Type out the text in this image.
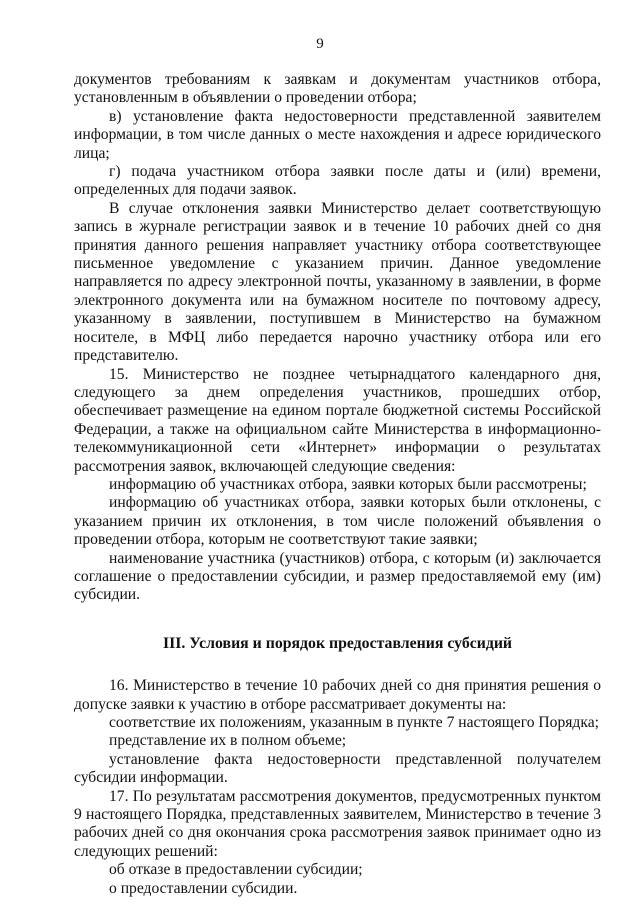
9

документов требованиям к заявкам и документам участников отбора, установленным в объявлении о проведении отбора;

в) установление факта недостоверности представленной заявителем информации, в том числе данных о месте нахождения и адресе юридического лица;

г) подача участником отбора заявки после даты и (или) времени, определенных для подачи заявок.

В случае отклонения заявки Министерство делает соответствующую запись в журнале регистрации заявок и в течение 10 рабочих дней со дня принятия данного решения направляет участнику отбора соответствующее письменное уведомление с указанием причин. Данное уведомление направляется по адресу электронной почты, указанному в заявлении, в форме электронного документа или на бумажном носителе по почтовому адресу, указанному в заявлении, поступившем в Министерство на бумажном носителе, в МФЦ либо передается нарочно участнику отбора или его представителю.

15. Министерство не позднее четырнадцатого календарного дня, следующего за днем определения участников, прошедших отбор, обеспечивает размещение на едином портале бюджетной системы Российской Федерации, а также на официальном сайте Министерства в информационно-телекоммуникационной сети «Интернет» информации о результатах рассмотрения заявок, включающей следующие сведения:

информацию об участниках отбора, заявки которых были рассмотрены;

информацию об участниках отбора, заявки которых были отклонены, с указанием причин их отклонения, в том числе положений объявления о проведении отбора, которым не соответствуют такие заявки;

наименование участника (участников) отбора, с которым (и) заключается соглашение о предоставлении субсидии, и размер предоставляемой ему (им) субсидии.

III. Условия и порядок предоставления субсидий

16. Министерство в течение 10 рабочих дней со дня принятия решения о допуске заявки к участию в отборе рассматривает документы на:

соответствие их положениям, указанным в пункте 7 настоящего Порядка;

представление их в полном объеме;

установление факта недостоверности представленной получателем субсидии информации.

17. По результатам рассмотрения документов, предусмотренных пунктом 9 настоящего Порядка, представленных заявителем, Министерство в течение 3 рабочих дней со дня окончания срока рассмотрения заявок принимает одно из следующих решений:

об отказе в предоставлении субсидии;

о предоставлении субсидии.
